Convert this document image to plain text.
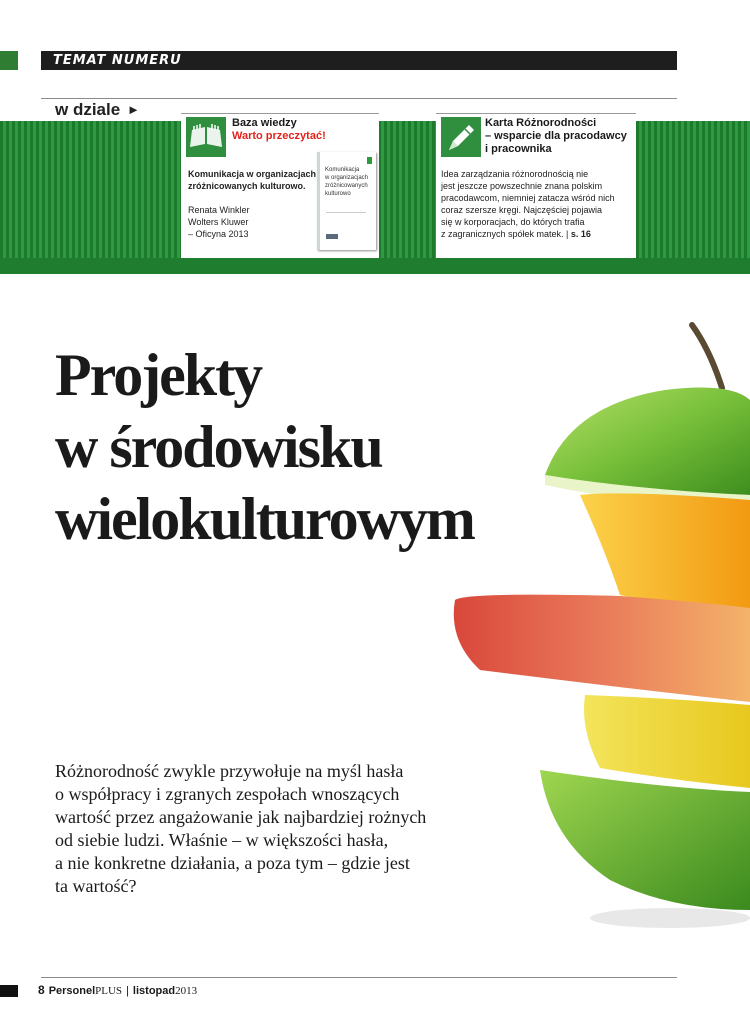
TEMAT NUMERU
w dziale ►
Baza wiedzy
Warto przeczytać!
Komunikacja w organizacjach
zróżnicowanych kulturowo.
Renata Winkler
Wolters Kluwer
– Oficyna 2013
Komunikacja
w organizacjach
zróżnicowanych
kulturowo
Karta Różnorodności
– wsparcie dla pracodawcy
i pracownika
Idea zarządzania różnorodnością nie
jest jeszcze powszechnie znana polskim
pracodawcom, niemniej zatacza wśród nich
coraz szersze kręgi. Najczęściej pojawia
się w korporacjach, do których trafia
z zagranicznych spółek matek. | s. 16
Projekty
w środowisku
wielokulturowym
Różnorodność zwykle przywołuje na myśl hasła
o współpracy i zgranych zespołach wnoszących
wartość przez angażowanie jak najbardziej rożnych
od siebie ludzi. Właśnie – w większości hasła,
a nie konkretne działania, a poza tym – gdzie jest
ta wartość?
8 PersonelPLUS | listopad2013
